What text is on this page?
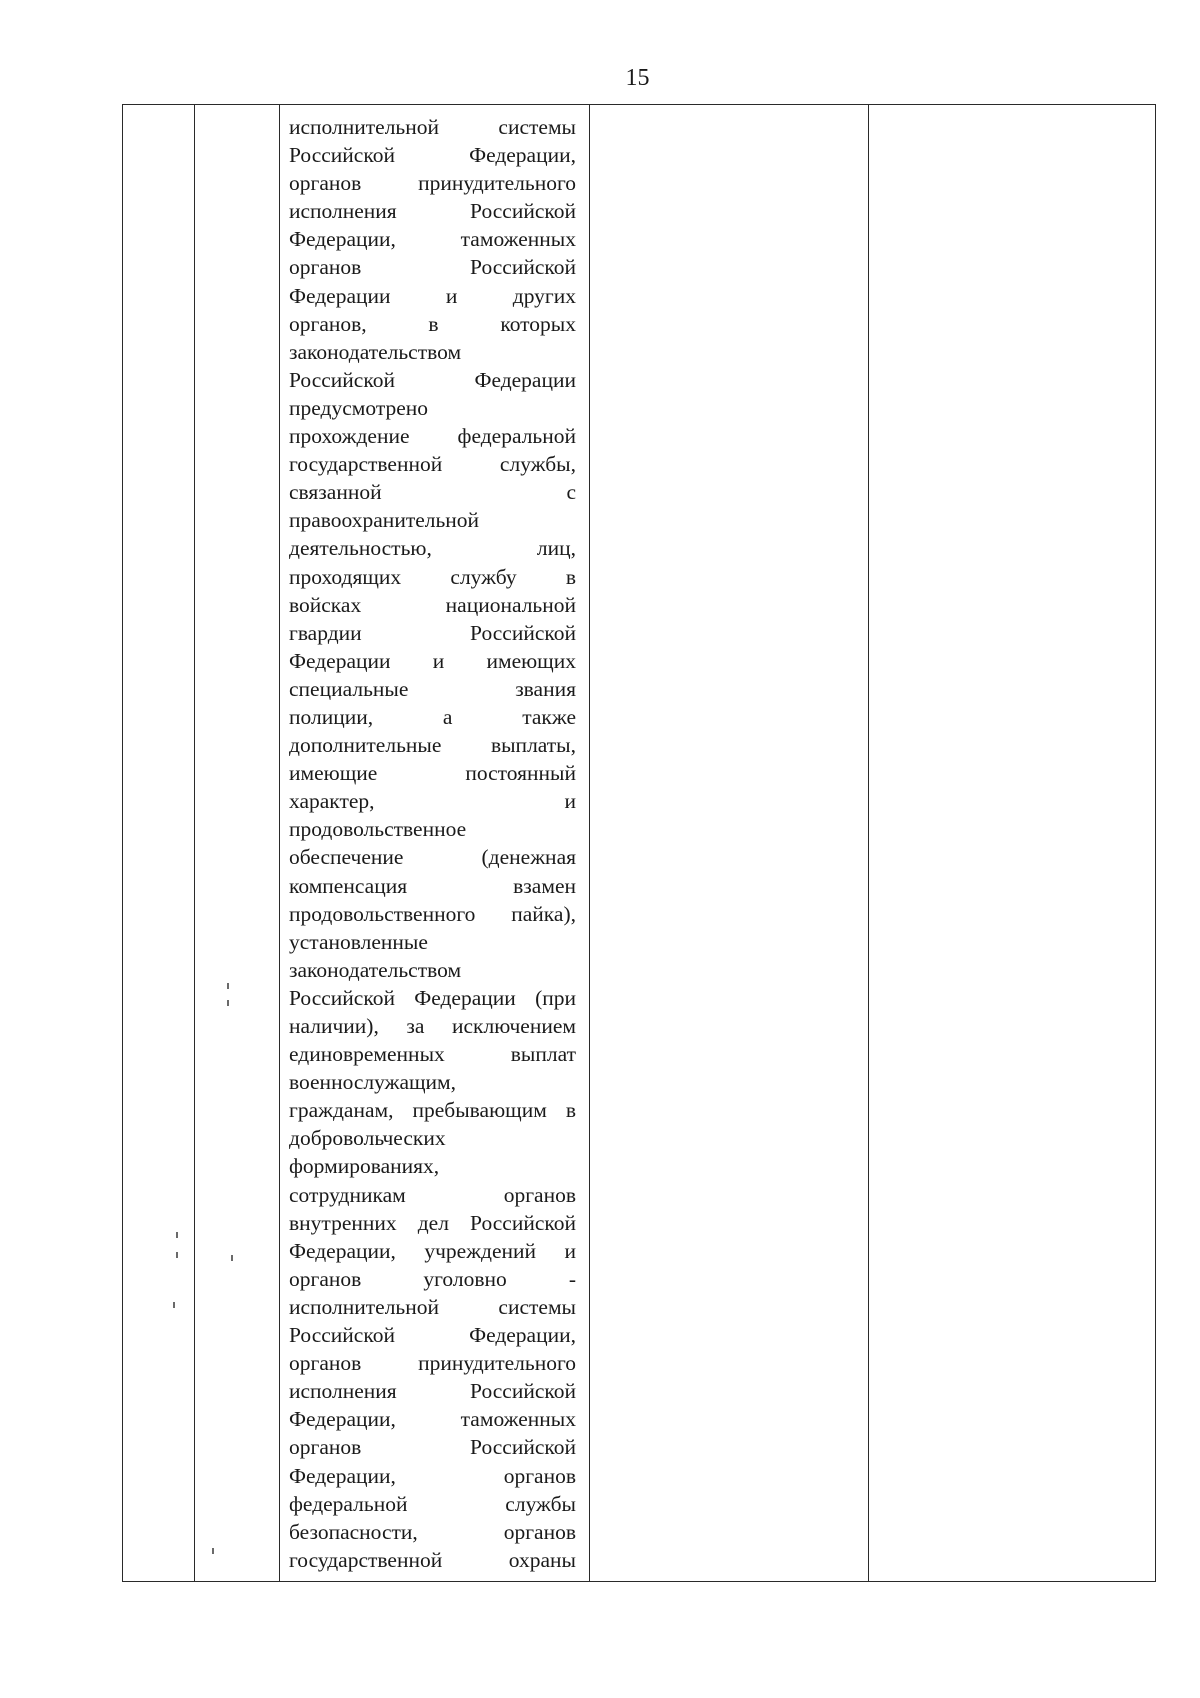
15
исполнительной системы
Российской Федерации,
органов принудительного
исполнения Российской
Федерации, таможенных
органов Российской
Федерации и других
органов, в которых
законодательством
Российской Федерации
предусмотрено
прохождение федеральной
государственной службы,
связанной с
правоохранительной
деятельностью, лиц,
проходящих службу в
войсках национальной
гвардии Российской
Федерации и имеющих
специальные звания
полиции, а также
дополнительные выплаты,
имеющие постоянный
характер, и
продовольственное
обеспечение (денежная
компенсация взамен
продовольственного пайка),
установленные
законодательством
Российской Федерации (при
наличии), за исключением
единовременных выплат
военнослужащим,
гражданам, пребывающим в
добровольческих
формированиях,
сотрудникам органов
внутренних дел Российской
Федерации, учреждений и
органов уголовно -
исполнительной системы
Российской Федерации,
органов принудительного
исполнения Российской
Федерации, таможенных
органов Российской
Федерации, органов
федеральной службы
безопасности, органов
государственной охраны
